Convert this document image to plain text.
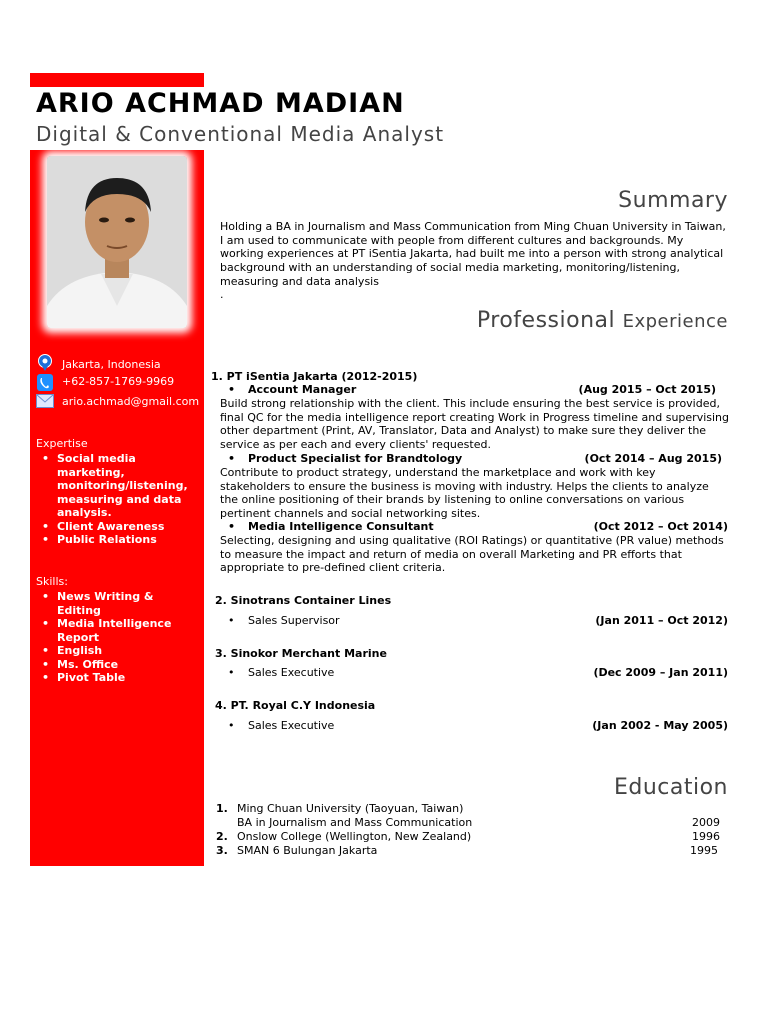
ARIO ACHMAD MADIAN
Digital & Conventional Media Analyst
Jakarta, Indonesia
+62-857-1769-9969
ario.achmad@gmail.com
Expertise
• Social media marketing, monitoring/listening, measuring and data analysis.
• Client Awareness
• Public Relations
Skills:
• News Writing & Editing
• Media Intelligence Report
• English
• Ms. Office
• Pivot Table
Summary
Holding a BA in Journalism and Mass Communication from Ming Chuan University in Taiwan, I am used to communicate with people from different cultures and backgrounds. My working experiences at PT iSentia Jakarta, had built me into a person with strong analytical background with an understanding of social media marketing, monitoring/listening, measuring and data analysis
.
Professional Experience
1. PT iSentia Jakarta (2012-2015)
• Account Manager	(Aug 2015 – Oct 2015)
Build strong relationship with the client. This include ensuring the best service is provided, final QC for the media intelligence report creating Work in Progress timeline and supervising other department (Print, AV, Translator, Data and Analyst) to make sure they deliver the service as per each and every clients' requested.
• Product Specialist for Brandtology	(Oct 2014 – Aug 2015)
Contribute to product strategy, understand the marketplace and work with key stakeholders to ensure the business is moving with industry. Helps the clients to analyze the online positioning of their brands by listening to online conversations on various pertinent channels and social networking sites.
• Media Intelligence Consultant	(Oct 2012 – Oct 2014)
Selecting, designing and using qualitative (ROI Ratings) or quantitative (PR value) methods to measure the impact and return of media on overall Marketing and PR efforts that appropriate to pre-defined client criteria.
2. Sinotrans Container Lines
• Sales Supervisor	(Jan 2011 – Oct 2012)
3. Sinokor Merchant Marine
• Sales Executive	(Dec 2009 – Jan 2011)
4. PT. Royal C.Y Indonesia
• Sales Executive	(Jan 2002 - May 2005)
Education
1. Ming Chuan University (Taoyuan, Taiwan)
BA in Journalism and Mass Communication	2009
2. Onslow College (Wellington, New Zealand)	1996
3. SMAN 6 Bulungan Jakarta	1995
